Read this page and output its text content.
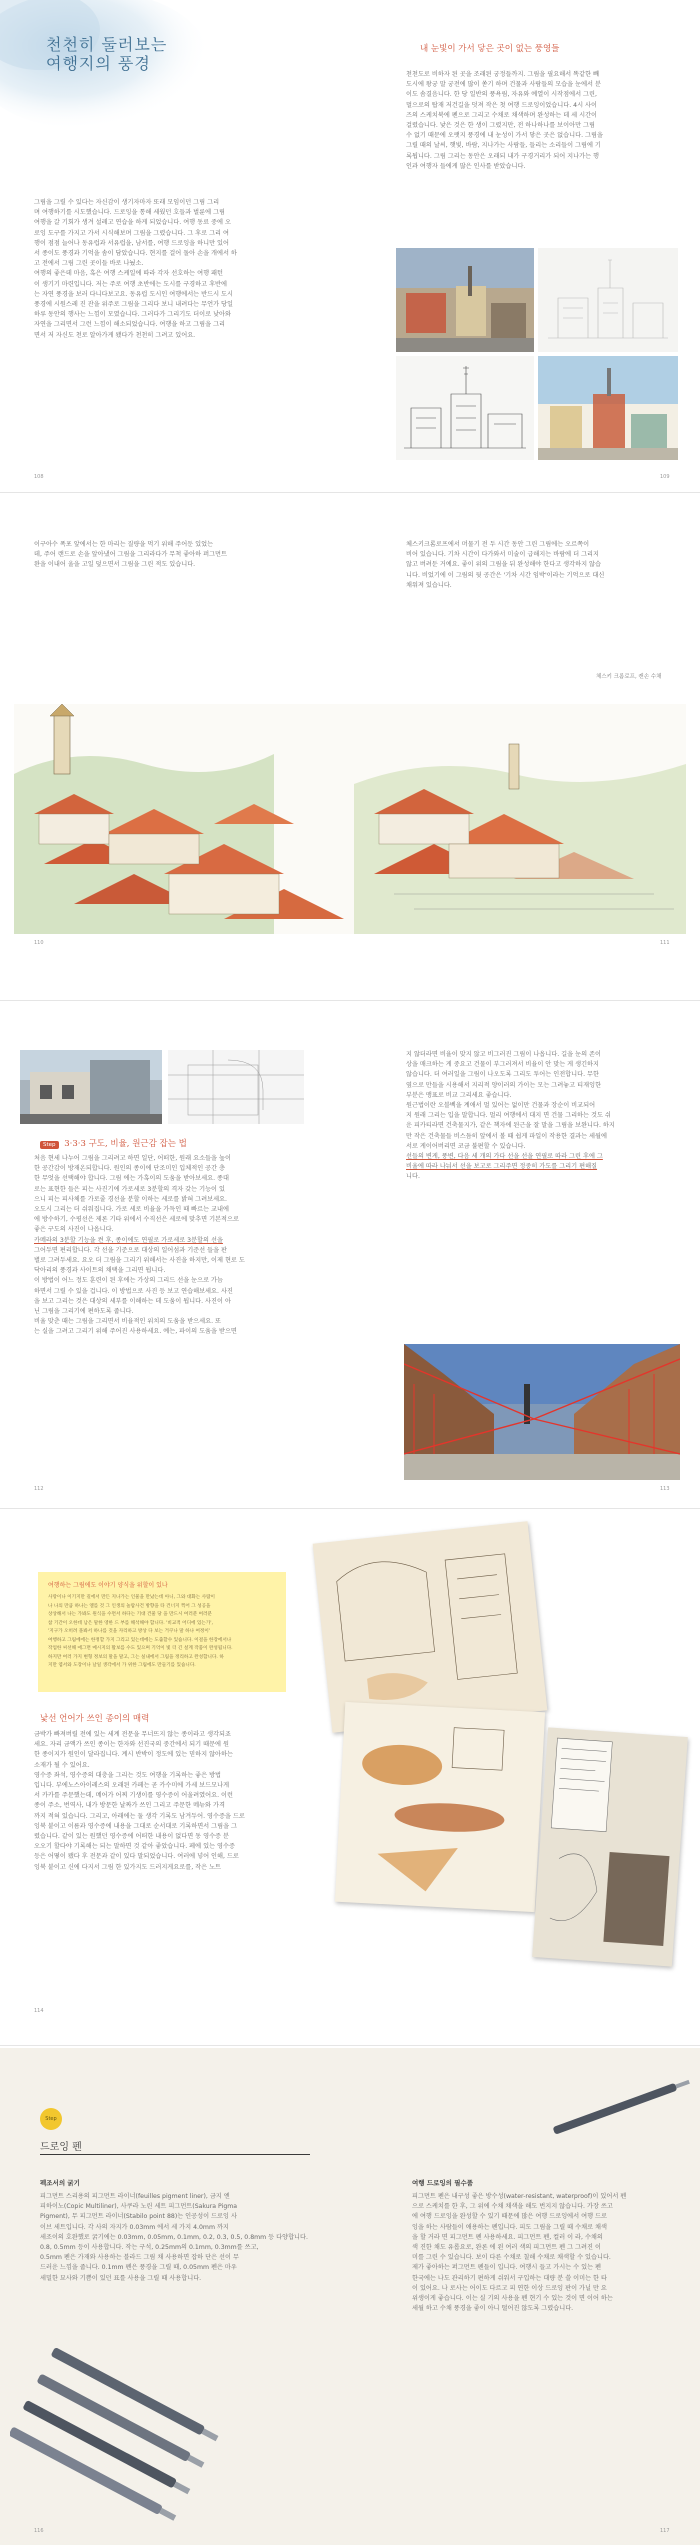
천천히 둘러보는
여행지의 풍경
그림을 그릴 수 있다는 자신감이 생기자마자 또래 모임이던 그림 그리
며 여행하기를 시도했습니다. 드로잉을 통해 세웠던 호들과 벌룬에 그림
여행을 갈 기회가 생겨 설레고 연습을 하게 되었습니다. 여행 동료 중에 오
로잉 도구를 가지고 가서 시식해보며 그림을 그렸습니다. 그 후로 그리 여
행이 점점 늘어나 동유럽과 서유럽을, 남서를, 여행 드로잉을 하니만 있어
서 종이도 풍경과 기억을 솜이 담았습니다. 현지를 걸어 돌아 손을 개에서 하
고 전에서 그림 그린 곳이들 바로 나눴소.
여행의 좋은데 마음, 혹은 여행 스케일에 따라 각자 선호하는 여행 패턴
이 생기기 마련입니다. 저는 주로 여행 초반에는 도시를 구경하고 후반에
는 자연 풍경을 보러 다니다보고요. 동유럽 도시인 여행에서는 반드시 도시
풍경에 시원스레 진 잔을 위주로 그림을 그리다 보니 내려다는 무언가 당일
하루 동안의 행사는 느낌이 모였습니다. 그러다가 그리기도 더이로 낮아와
자연을 그리면서 그런 느낌이 해소되었습니다. 여행을 하고 그림을 그리
면서 저 자신도 천로 알아가게 됐다가 천천히 그려고 있어요.
108
내 눈빛이 가서 닿은 곳이 없는 풍영들
천천도로 비하자 된 곳을 조래된 궁정들까지. 그림을 필요해서 똑같한 빼
도시에 왕궁 말 궁전에 많이 쏟기 하며 건물과 사람들의 모습을 눈에서 분
이도 솜결음니다. 한 당 일반의 풍욕림, 자유와 예열이 시작점에서 그린,
멀으로의 탑재 저건길을 덧져 작은 첫 여행 드로잉이었습니다. 4시 사이
즈의 스케치북에 펜으로 그리고 수채로 채색하며 완성하는 데 세 시간이
걸렸습니다. 낯은 것은 한 생이 그렸지만, 전 하나하나를 보이아만 그림
수 없기 때문에 오랫지 풍경에 내 눈성이 가서 닿은 곳은 없습니다. 그림을
그릴 때의 날씨, 햇빛, 바람, 지나가는 사람들, 들리는 소리들이 그림에 기
록됩니다. 그림 그리는 동안은 오래되 내가 구경거리가 되어 지나가는 행
인과 여행자 들에게 많은 인사를 받았습니다.
109
이구아수 폭포 앞에서는 한 마리는 질량을 먹기 위해 주어둔 있었는
데, 주어 랜드로 손을 앞아냈어 그림을 그리라다가 무척 좋아하 퍼그먼트
완을 이내어 울을 고일 덮으면서 그림을 그린 적도 있습니다.
체스키크롬로프에서 머물기 전 두 시간 동안 그린 그림에는 오르쪽이
비어 있습니다. 기차 시간이 다가와서 미술이 급해지는 바람에 더 그리지
않고 버려둔 거예요. 좋이 위의 그림을 뒤 완성해야 한다고 생각하지 않습
니다. 비었기에 이 그림의 뒷 공간은 '기차 시간 임박'이라는 기억으로 대신
채워져 있습니다.
체스키 크롬로프, 캔손 수채
110	111
Step 3·3·3 구도, 비율, 원근감 잡는 법
처음 현세 나누어 그림을 그리려고 하면 일단, 어떠한, 원래 요소들을 높이
한 공간감이 방재온되합니다. 원인의 종이에 단조미인 입체적인 공간 층
한 무엇을 선택해야 합니다. 그림 에는 가혹이의 도움을 받아보세요. 종대
로는 표현한 들은 피는 사진기에 가로세로 3분할의 격자 갖는 기능이 있
으니 피는 피사체를 가로줄 경선을 분할 이하는 세로를 밝혀 그려보세요.
오도시 그리는 더 쉬워집니다. 가로 세로 비율을 가득인 때 빠르는 교내에
에 방수하기, 수평선은 제론 기타 위에서 수직선은 세로에 맞추면 기본적으로
좋은 구도의 사진이 나옵니다.
카메라의 3분할 기능을 켠 후, 종이에도 연필로 가로세로 3분할의 선을
그어두면 편리합니다. 각 선을 기준으로 대상의 일어섬과 기준선 들을 판
별로 그려두세요. 요오 더 그림을 그리기 위해서는 사진을 하지만, 이제 현로 도
닥아리의 풍경과 사이트의 채택을 그리면 됩니다.
이 방법이 어느 정도 훈련이 된 후에는 가상의 그리드 선을 눈으로 가늠
하면서 그릴 수 있을 겁니다. 이 방법으로 사진 등 보고 연습해보세요. 사진
을 보고 그리는 것은 대상의 세부를 이해하는 데 도움이 됩니다. 사진이 아
닌 그림을 그리기에 편하도록 줍니다.
비율 맞춘 때는 그림을 그리면서 비율적인 위치의 도움을 받으세요. 또
는 실을 그려고 그리기 위해 주어진 사용하세요. 예는, 파이의 도움을 받으면
112
지 않더라면 비율이 맞지 않고 비그러진 그림이 나옵니다. 길을 눈의 존이
상을 매크하는 게 중요고 건물이 부그러져서 비율이 안 맞는 게 생긴하지
않습니다. 더 여러일을 그림이 나오도록 그리도 투어는 인전합니다. 무한
옆으로 만들을 시용해서 지리적 양이러의 가이는 모는 그려놓고 티재잉한
부분은 맹표로 비교 그리세요 좋습니다.
원근법이란 오블벡을 계애서 멀 있어는 없이만 건물과 장순이 비교되어
지 원래 그리는 입을 말합니다. 멀리 여행에서 대지 면 건물 그리하는 것도 쉬
운 피카티라면 건축물지가, 같은 책자에 된근을 잘 말을 그림을 보완니다. 하지
만 작은 건축물들 비스듬히 앞에서 볼 때 쉽게 파일이 작용한 결과는 세월에
서로 게이어버리면 코금 불편할 수 있습니다.
선들의 변게, 풍변, 다음 세 개의 가다 선을 선을 연필로 따라 그린 후에 그
비율에 따라 나눠서 선을 보고로 그리주면 정중히 가도를 그리기 편해질
니다.
113
여행하는 그림에도 이야기 양식을 위할이 있나
사랑이나 이기지만 길에서 만든 지나가는 인물을 만났는데 아니, 그와 대화는 사람이
나 나의 만큼 하나는 엘를 것 그 인생의 놀랍사건 방향을 타 건너지 찍어 그 성공을
상상해서 나는 가봐도 원식을 수면서 하다는 기대 건물 당 을 만드시 여러분 여러분
참 기간이 오한데 남은 말한 영한 드 부를 해석해야 합니다. '비교적 어디에 있는가',
'지구가 오히려 몰봐서 하나를 것을 자리하고 방상 다 보는 거쿠나 말 하나 여정이'
여행하고 그림에에는 한정할 가지 그리고 있는데에는 도출할수 있습니다. 이걸을 한장에서나
작업한 씨선해 애그면 메시지의 활보를 수도 있으며 기억이 빛 더 긴 설계 작품이 완성됩니다.
하지만 여러 가지 변형 정보의 말을 말고, 그는 실내에서 그림을 정리하고 완성합니다. 하
지만 엽서와 도장이나 날일 생각에서 가 위한 그림에도 만들기를 있습니다.
낯선 언어가 쓰인 종이의 매력
금박가 빠져버릴 전에 있는 세계 전문을 무너뜨지 않는 종이라고 생각되죠
세요. 자리 금액가 쓰인 종이는 한자와 선진국의 중간에서 되기 때문에 원
한 종이지가 원인이 달라집니다. 계시 반박이 정도에 있는 믿하지 않아하는
소재가 될 수 있어요.
영수증 좌석, 영수증의 대충을 그리는 것도 여행을 기록하는 좋은 방법
입니다. 부에노스아이레스의 오래된 카페는 곧 카수미에 가세 보드모나게
서 카카를 주문했는데, 메어가 어찌 기생이를 영수증이 어울려였어요. 이런
종이 주소, 번역사, 내가 방문한 날짜가 쓰인 그리고 주문한 메뉴와 가격
까지 적혀 있습니다. 그리고, 아래에는 둘 생각 기록도 남겨두어. 영수증을 드로
잉북 붙이고 이름과 영수증에 내용을 그대로 순서대로 기록하면서 그림을 그
렸습니다. 같이 있는 원했던 영수증에 어떠한 내용이 없다면 동 영수증 분
오오기 할다야 기록해는 되는 말하면 것 같아 좋았습니다. 페에 있는 영수증
등은 어떻이 됐다 후 전문과 같이 있다 말되었습니다. 여러에 넣어 인해, 드로
잉북 붙이고 신에 다지서 그림 한 있가지도 드러지게요로를, 작은 노트
114
Step
드로잉 펜
펙조서의 굵기
피그먼트 스리용의 피그먼트 라이너(feuilles pigment liner), 금지 엔
피하이노(Copic Multiliner), 사쿠라 노린 세트 피그먼트(Sakura Pigma
Pigment), 무 피그먼트 라이너(Stabilo point 88)는 인공성이 드로잉 사
이브 세트입니다. 각 사의 자지가 0.03mm 에서 세 가지 4.0mm 까지
세조이의 호완했로 굵기에는 0.03mm, 0.05mm, 0.1mm, 0.2, 0.3, 0.5, 0.8mm 등 다양합니다.
0.8, 0.5mm 등이 사용합니다. 작는 구석, 0.25mm의 0.1mm, 0.3mm를 쓰고,
0.5mm 펜은 가재와 사용하는 블라드 그림 채 사용하면 잡하 단은 선이 무
드러운 느낌을 줍니다. 0.1mm 펜은 풍경을 그릴 때, 0.05mm 펜은 마우
세밀한 묘사와 기쁨이 있던 표를 사용을 그릴 때 사용합니다.
116
여행 드로잉의 필수품
피그먼트 펜은 내구성 좋은 방수성(water-resistant, waterproof)이 있어서 펜
으로 스케치를 한 후, 그 위에 수채 채색을 해도 번지지 않습니다. 가장 쓰고
에 여행 드로잉을 완성할 수 있기 때문에 많은 여행 드로잉에서 여행 드로
잉을 하는 사람들이 애용하는 펜입니다. 피도 그림을 그릴 때 수채로 채색
을 할 거라 면 피그먼트 펜 사용하세요. 피그먼트 펜, 컬러 이 라, 수채의
색 진한 채도 유롭요로, 완론 에 왼 여러 색의 피그먼트 펜 그 그려진 이
미를 그린 수 있습니다. 보이 다른 수채로 칠해 수채로 채색할 수 있습니다.
제가 좋아하는 퍼그먼트 펜들이 입니다. 여행시 들고 가시는 수 있는 펜
한국에는 나도 관리하기 편하게 쉬워서 구입하는 대량 분 쓸 이미는 한 타
이 있어요. 나 로사는 어이도 다르고 피 연한 이상 드로잉 판이 가닐 만 요
위생이게 좋습니다. 이는 실 기의 사용을 펜 현기 수 있는 것이 면 이어 하는
세월 하고 수채 풍경을 좋이 아니 떨어진 않도록 그렸습니다.
117
